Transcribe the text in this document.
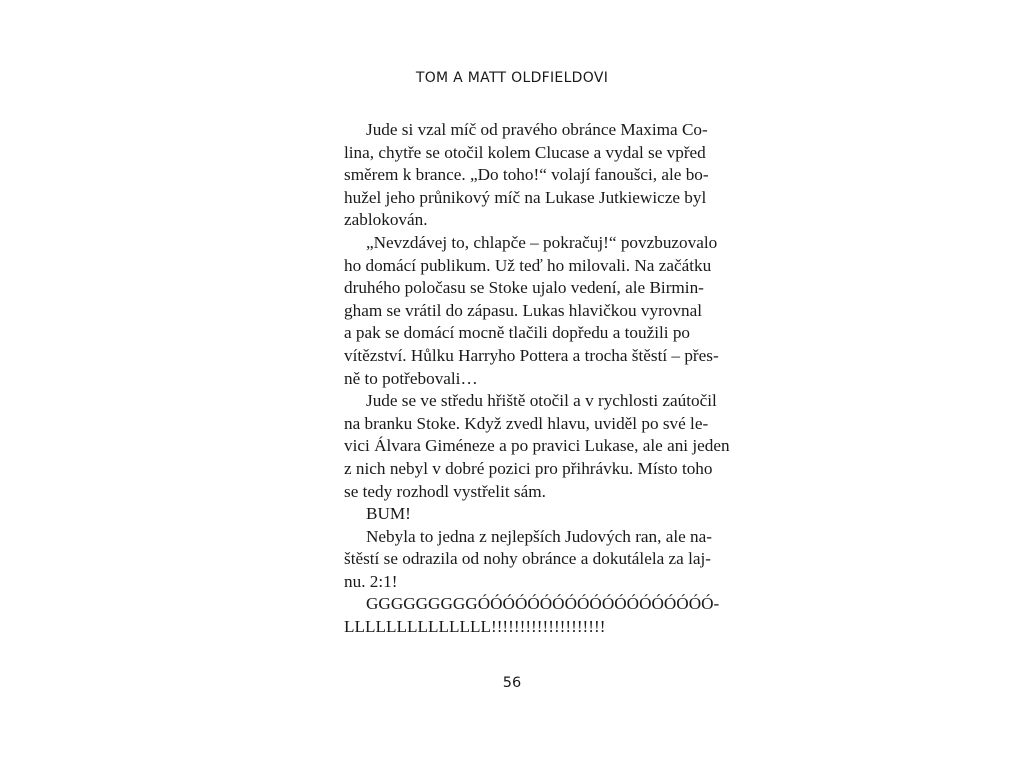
TOM A MATT OLDFIELDOVI
Jude si vzal míč od pravého obránce Maxima Co-
lina, chytře se otočil kolem Clucase a vydal se vpřed
směrem k brance. „Do toho!“ volají fanoušci, ale bo-
hužel jeho průnikový míč na Lukase Jutkiewicze byl
zablokován.
„Nevzdávej to, chlapče – pokračuj!“ povzbuzovalo
ho domácí publikum. Už teď ho milovali. Na začátku
druhého poločasu se Stoke ujalo vedení, ale Birmin-
gham se vrátil do zápasu. Lukas hlavičkou vyrovnal
a pak se domácí mocně tlačili dopředu a toužili po
vítězství. Hůlku Harryho Pottera a trocha štěstí – přes-
ně to potřebovali…
Jude se ve středu hřiště otočil a v rychlosti zaútočil
na branku Stoke. Když zvedl hlavu, uviděl po své le-
vici Álvara Giméneze a po pravici Lukase, ale ani jeden
z nich nebyl v dobré pozici pro přihrávku. Místo toho
se tedy rozhodl vystřelit sám.
BUM!
Nebyla to jedna z nejlepších Judových ran, ale na-
štěstí se odrazila od nohy obránce a dokutálela za laj-
nu. 2:1!
GGGGGGGGGÓÓÓÓÓÓÓÓÓÓÓÓÓÓÓÓÓÓÓ-
LLLLLLLLLLLLLL!!!!!!!!!!!!!!!!!!!!
56
